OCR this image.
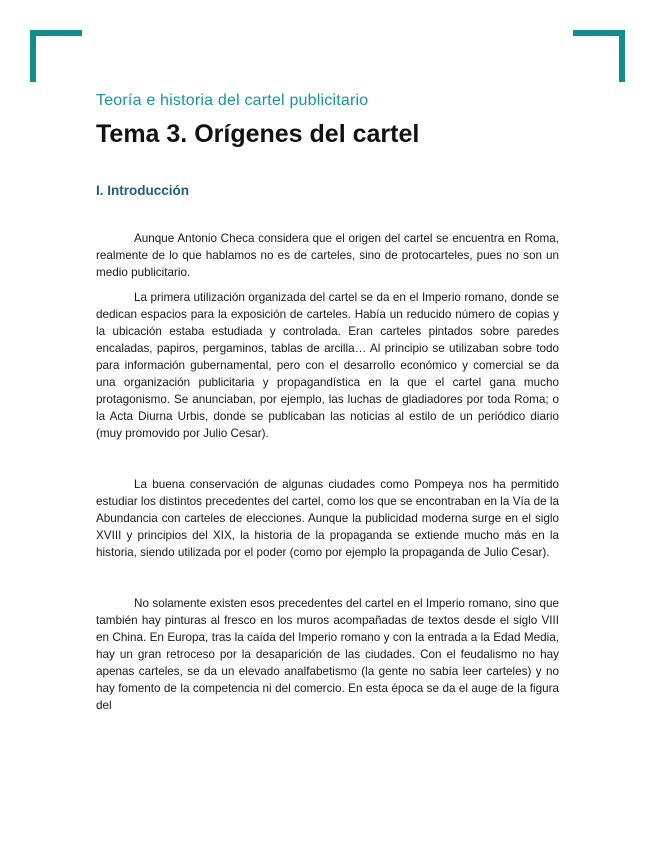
Teoría e historia del cartel publicitario
Tema 3. Orígenes del cartel
I. Introducción

Aunque Antonio Checa considera que el origen del cartel se encuentra en Roma, realmente de lo que hablamos no es de carteles, sino de protocarteles, pues no son un medio publicitario.

La primera utilización organizada del cartel se da en el Imperio romano, donde se dedican espacios para la exposición de carteles. Había un reducido número de copias y la ubicación estaba estudiada y controlada. Eran carteles pintados sobre paredes encaladas, papiros, pergaminos, tablas de arcilla… Al principio se utilizaban sobre todo para información gubernamental, pero con el desarrollo económico y comercial se da una organización publicitaria y propagandística en la que el cartel gana mucho protagonismo. Se anunciaban, por ejemplo, las luchas de gladiadores por toda Roma; o la Acta Diurna Urbis, donde se publicaban las noticias al estilo de un periódico diario (muy promovido por Julio Cesar).

La buena conservación de algunas ciudades como Pompeya nos ha permitido estudiar los distintos precedentes del cartel, como los que se encontraban en la Vía de la Abundancia con carteles de elecciones. Aunque la publicidad moderna surge en el siglo XVIII y principios del XIX, la historia de la propaganda se extiende mucho más en la historia, siendo utilizada por el poder (como por ejemplo la propaganda de Julio Cesar).

No solamente existen esos precedentes del cartel en el Imperio romano, sino que también hay pinturas al fresco en los muros acompañadas de textos desde el siglo VIII en China. En Europa, tras la caída del Imperio romano y con la entrada a la Edad Media, hay un gran retroceso por la desaparición de las ciudades. Con el feudalismo no hay apenas carteles, se da un elevado analfabetismo (la gente no sabía leer carteles) y no hay fomento de la competencia ni del comercio. En esta época se da el auge de la figura del
